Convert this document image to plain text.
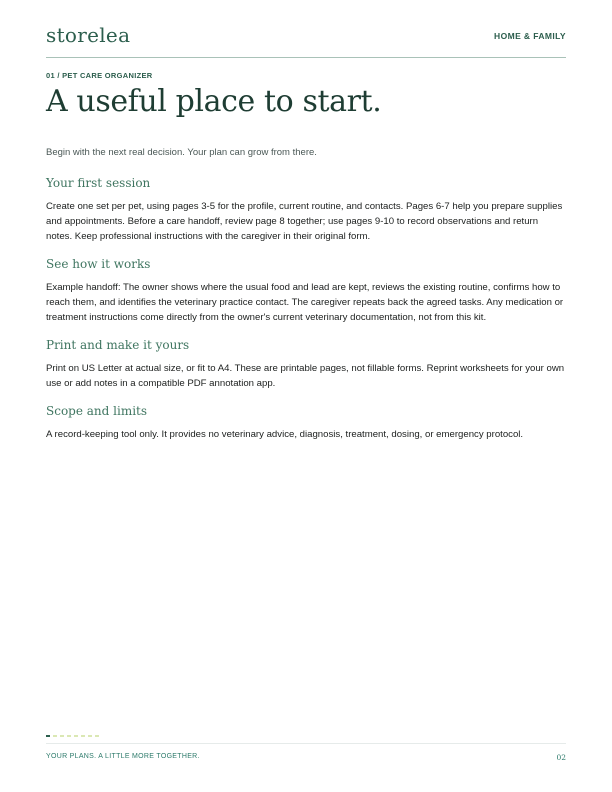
storelea	HOME & FAMILY
01 / PET CARE ORGANIZER
A useful place to start.
Begin with the next real decision. Your plan can grow from there.
Your first session

Create one set per pet, using pages 3-5 for the profile, current routine, and contacts. Pages 6-7 help you prepare supplies and appointments. Before a care handoff, review page 8 together; use pages 9-10 to record observations and return notes. Keep professional instructions with the caregiver in their original form.

See how it works

Example handoff: The owner shows where the usual food and lead are kept, reviews the existing routine, confirms how to reach them, and identifies the veterinary practice contact. The caregiver repeats back the agreed tasks. Any medication or treatment instructions come directly from the owner's current veterinary documentation, not from this kit.

Print and make it yours

Print on US Letter at actual size, or fit to A4. These are printable pages, not fillable forms. Reprint worksheets for your own use or add notes in a compatible PDF annotation app.

Scope and limits

A record-keeping tool only. It provides no veterinary advice, diagnosis, treatment, dosing, or emergency protocol.

YOUR PLANS. A LITTLE MORE TOGETHER.	02
